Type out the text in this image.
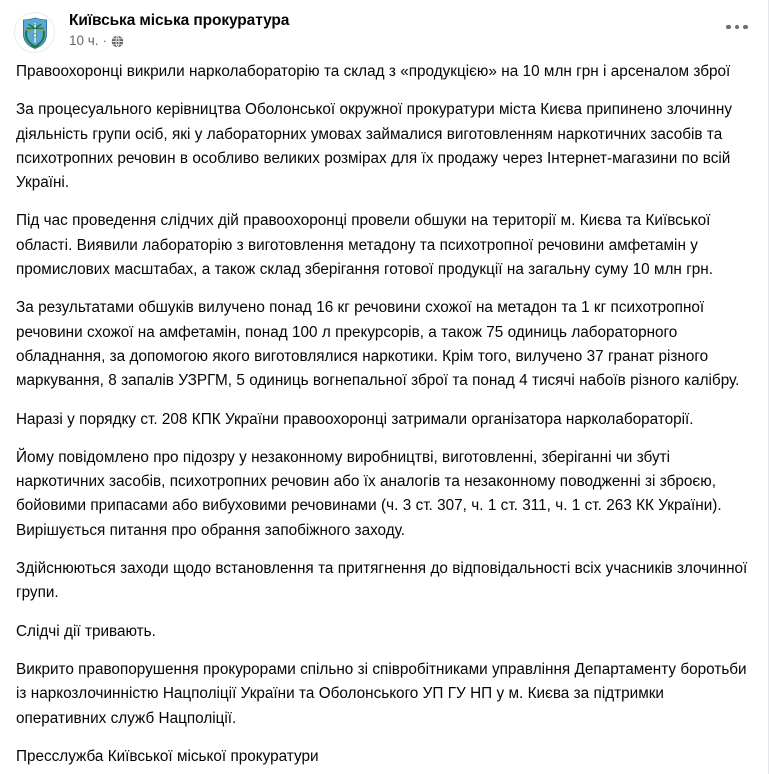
Київська міська прокуратура
10 ч. ·

Правоохоронці викрили нарколабораторію та склад з «продукцією» на 10 млн грн і арсеналом зброї

За процесуального керівництва Оболонської окружної прокуратури міста Києва припинено злочинну діяльність групи осіб, які у лабораторних умовах займалися виготовленням наркотичних засобів та психотропних речовин в особливо великих розмірах для їх продажу через Інтернет-магазини по всій Україні.

Під час проведення слідчих дій правоохоронці провели обшуки на території м. Києва та Київської області. Виявили лабораторію з виготовлення метадону та психотропної речовини амфетамін у промислових масштабах, а також склад зберігання готової продукції на загальну суму 10 млн грн.

За результатами обшуків вилучено понад 16 кг речовини схожої на метадон та 1 кг психотропної речовини схожої на амфетамін, понад 100 л прекурсорів, а також 75 одиниць лабораторного обладнання, за допомогою якого виготовлялися наркотики. Крім того, вилучено 37 гранат різного маркування, 8 запалів УЗРГМ, 5 одиниць вогнепальної зброї та понад 4 тисячі набоїв різного калібру.

Наразі у порядку ст. 208 КПК України правоохоронці затримали організатора нарколабораторії.

Йому повідомлено про підозру у незаконному виробництві, виготовленні, зберіганні чи збуті наркотичних засобів, психотропних речовин або їх аналогів та незаконному поводженні зі зброєю, бойовими припасами або вибуховими речовинами (ч. 3 ст. 307, ч. 1 ст. 311, ч. 1 ст. 263 КК України). Вирішується питання про обрання запобіжного заходу.

Здійснюються заходи щодо встановлення та притягнення до відповідальності всіх учасників злочинної групи.

Слідчі дії тривають.

Викрито правопорушення прокурорами спільно зі співробітниками управління Департаменту боротьби із наркозлочинністю Нацполіції України та Оболонського УП ГУ НП у м. Києва за підтримки оперативних служб Нацполіції.

Пресслужба Київської міської прокуратури
